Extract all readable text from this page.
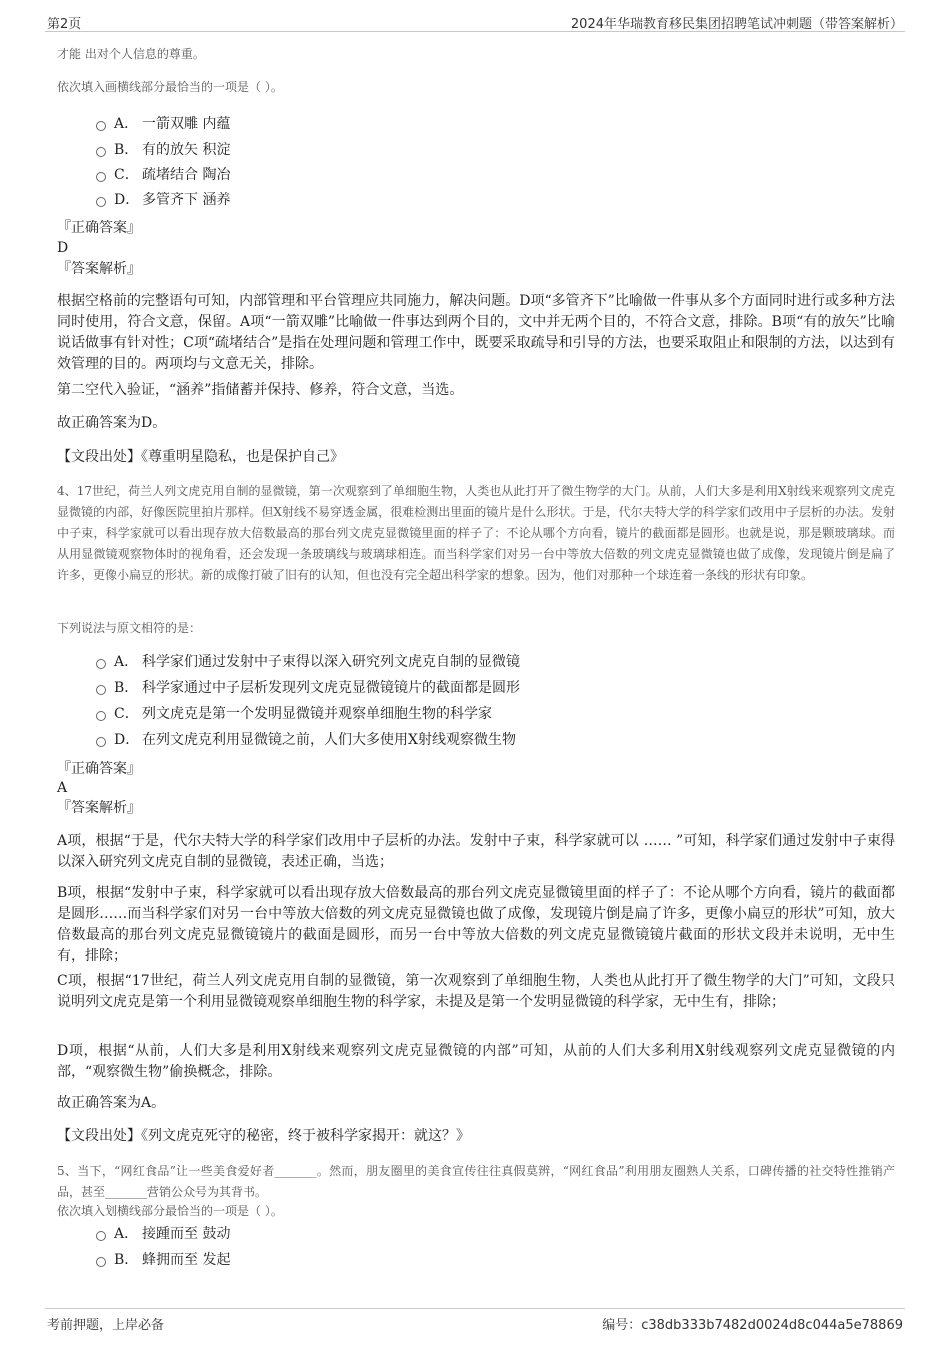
第2页	2024年华瑞教育移民集团招聘笔试冲刺题（带答案解析）
才能 出对个人信息的尊重。
依次填入画横线部分最恰当的一项是（ ）。
A． 一箭双雕 内蕴
B． 有的放矢 积淀
C． 疏堵结合 陶冶
D． 多管齐下 涵养
『正确答案』
D
『答案解析』
根据空格前的完整语句可知，内部管理和平台管理应共同施力，解决问题。D项“多管齐下”比喻做一件事从多个方面同时进行或多种方法同时使用，符合文意，保留。A项“一箭双雕”比喻做一件事达到两个目的，文中并无两个目的，不符合文意，排除。B项“有的放矢”比喻说话做事有针对性；C项“疏堵结合”是指在处理问题和管理工作中，既要采取疏导和引导的方法，也要采取阻止和限制的方法，以达到有效管理的目的。两项均与文意无关，排除。
第二空代入验证，“涵养”指储蓄并保持、修养，符合文意，当选。
故正确答案为D。
【文段出处】《尊重明星隐私，也是保护自己》
4、17世纪，荷兰人列文虎克用自制的显微镜，第一次观察到了单细胞生物，人类也从此打开了微生物学的大门。从前，人们大多是利用X射线来观察列文虎克显微镜的内部，好像医院里拍片那样。但X射线不易穿透金属，很难检测出里面的镜片是什么形状。于是，代尔夫特大学的科学家们改用中子层析的办法。发射中子束，科学家就可以看出现存放大倍数最高的那台列文虎克显微镜里面的样子了：不论从哪个方向看，镜片的截面都是圆形。也就是说，那是颗玻璃球。而从用显微镜观察物体时的视角看，还会发现一条玻璃线与玻璃球相连。而当科学家们对另一台中等放大倍数的列文虎克显微镜也做了成像，发现镜片倒是扁了许多，更像小扁豆的形状。新的成像打破了旧有的认知，但也没有完全超出科学家的想象。因为，他们对那种一个球连着一条线的形状有印象。
下列说法与原文相符的是：
A． 科学家们通过发射中子束得以深入研究列文虎克自制的显微镜
B． 科学家通过中子层析发现列文虎克显微镜镜片的截面都是圆形
C． 列文虎克是第一个发明显微镜并观察单细胞生物的科学家
D． 在列文虎克利用显微镜之前，人们大多使用X射线观察微生物
『正确答案』
A
『答案解析』
A项，根据“于是，代尔夫特大学的科学家们改用中子层析的办法。发射中子束，科学家就可以 …… ”可知，科学家们通过发射中子束得以深入研究列文虎克自制的显微镜，表述正确，当选；
B项，根据“发射中子束，科学家就可以看出现存放大倍数最高的那台列文虎克显微镜里面的样子了：不论从哪个方向看，镜片的截面都是圆形……而当科学家们对另一台中等放大倍数的列文虎克显微镜也做了成像，发现镜片倒是扁了许多，更像小扁豆的形状”可知，放大倍数最高的那台列文虎克显微镜镜片的截面是圆形，而另一台中等放大倍数的列文虎克显微镜镜片截面的形状文段并未说明，无中生有，排除；
C项，根据“17世纪，荷兰人列文虎克用自制的显微镜，第一次观察到了单细胞生物，人类也从此打开了微生物学的大门”可知，文段只说明列文虎克是第一个利用显微镜观察单细胞生物的科学家，未提及是第一个发明显微镜的科学家，无中生有，排除；
D项，根据“从前，人们大多是利用X射线来观察列文虎克显微镜的内部”可知，从前的人们大多利用X射线观察列文虎克显微镜的内部，“观察微生物”偷换概念，排除。
故正确答案为A。
【文段出处】《列文虎克死守的秘密，终于被科学家揭开：就这？》
5、当下，“网红食品”让一些美食爱好者_______。然而，朋友圈里的美食宣传往往真假莫辨，“网红食品”利用朋友圈熟人关系，口碑传播的社交特性推销产品，甚至_______营销公众号为其背书。
依次填入划横线部分最恰当的一项是（ ）。
A． 接踵而至 鼓动
B． 蜂拥而至 发起
考前押题，上岸必备	编号：c38db333b7482d0024d8c044a5e78869
